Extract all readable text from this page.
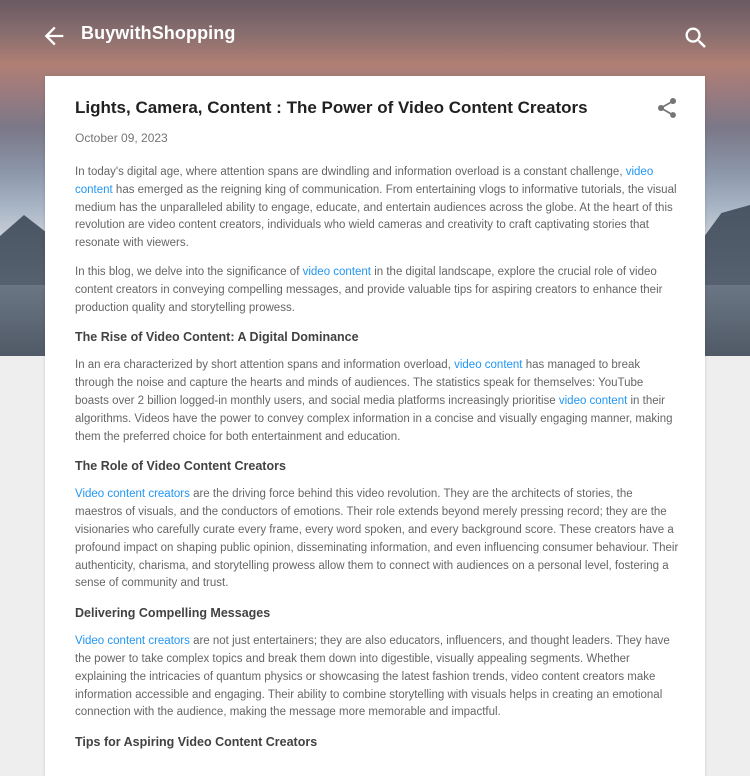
BuywithShopping
Lights, Camera, Content : The Power of Video Content Creators
October 09, 2023

In today's digital age, where attention spans are dwindling and information overload is a constant challenge, video content has emerged as the reigning king of communication. From entertaining vlogs to informative tutorials, the visual medium has the unparalleled ability to engage, educate, and entertain audiences across the globe. At the heart of this revolution are video content creators, individuals who wield cameras and creativity to craft captivating stories that resonate with viewers.

In this blog, we delve into the significance of video content in the digital landscape, explore the crucial role of video content creators in conveying compelling messages, and provide valuable tips for aspiring creators to enhance their production quality and storytelling prowess.

The Rise of Video Content: A Digital Dominance

In an era characterized by short attention spans and information overload, video content has managed to break through the noise and capture the hearts and minds of audiences. The statistics speak for themselves: YouTube boasts over 2 billion logged-in monthly users, and social media platforms increasingly prioritise video content in their algorithms. Videos have the power to convey complex information in a concise and visually engaging manner, making them the preferred choice for both entertainment and education.

The Role of Video Content Creators

Video content creators are the driving force behind this video revolution. They are the architects of stories, the maestros of visuals, and the conductors of emotions. Their role extends beyond merely pressing record; they are the visionaries who carefully curate every frame, every word spoken, and every background score. These creators have a profound impact on shaping public opinion, disseminating information, and even influencing consumer behaviour. Their authenticity, charisma, and storytelling prowess allow them to connect with audiences on a personal level, fostering a sense of community and trust.

Delivering Compelling Messages

Video content creators are not just entertainers; they are also educators, influencers, and thought leaders. They have the power to take complex topics and break them down into digestible, visually appealing segments. Whether explaining the intricacies of quantum physics or showcasing the latest fashion trends, video content creators make information accessible and engaging. Their ability to combine storytelling with visuals helps in creating an emotional connection with the audience, making the message more memorable and impactful.

Tips for Aspiring Video Content Creators
